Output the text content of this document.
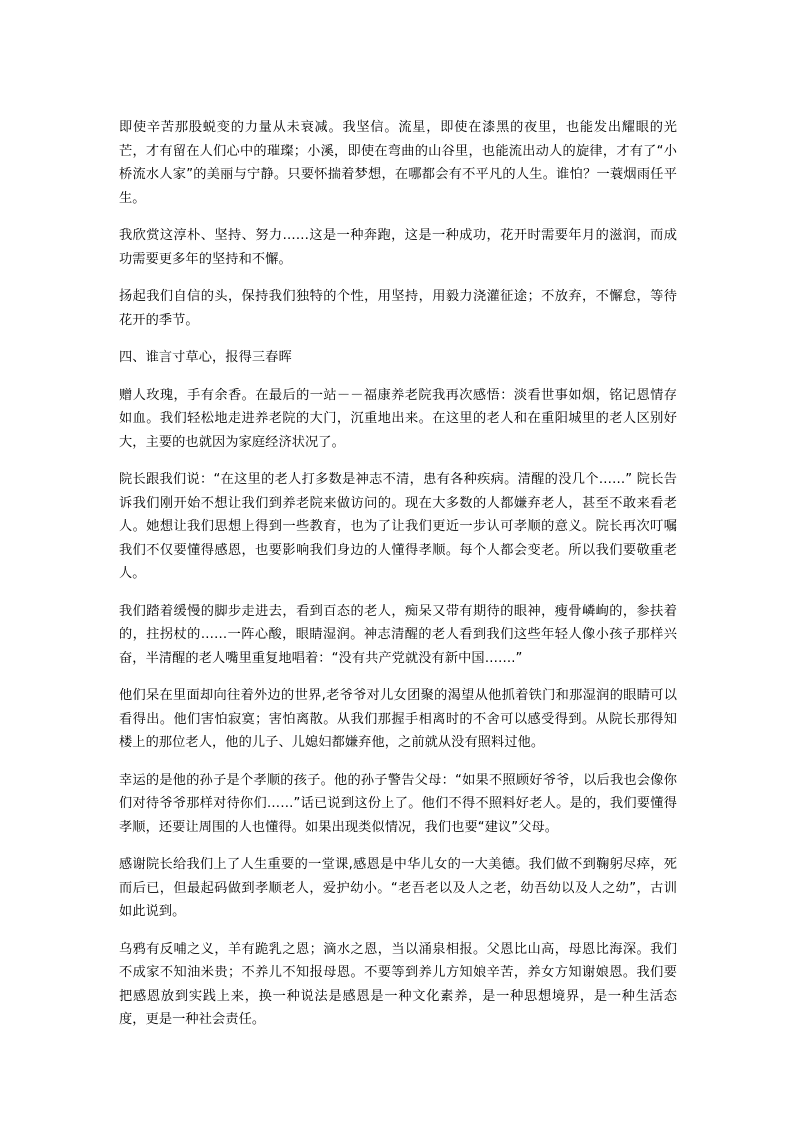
即使辛苦那股蜕变的力量从未衰减。我坚信。流星，即使在漆黑的夜里，也能发出耀眼的光芒，才有留在人们心中的璀璨；小溪，即使在弯曲的山谷里，也能流出动人的旋律，才有了“小桥流水人家”的美丽与宁静。只要怀揣着梦想，在哪都会有不平凡的人生。谁怕？一蓑烟雨任平生。

我欣赏这淳朴、坚持、努力……这是一种奔跑，这是一种成功，花开时需要年月的滋润，而成功需要更多年的坚持和不懈。

扬起我们自信的头，保持我们独特的个性，用坚持，用毅力浇灌征途；不放弃，不懈怠，等待花开的季节。

四、谁言寸草心，报得三春晖

赠人玫瑰，手有余香。在最后的一站－－福康养老院我再次感悟：淡看世事如烟，铭记恩情存如血。我们轻松地走进养老院的大门，沉重地出来。在这里的老人和在重阳城里的老人区别好大，主要的也就因为家庭经济状况了。

院长跟我们说：“在这里的老人打多数是神志不清，患有各种疾病。清醒的没几个……” 院长告诉我们刚开始不想让我们到养老院来做访问的。现在大多数的人都嫌弃老人，甚至不敢来看老人。她想让我们思想上得到一些教育，也为了让我们更近一步认可孝顺的意义。院长再次叮嘱我们不仅要懂得感恩，也要影响我们身边的人懂得孝顺。每个人都会变老。所以我们要敬重老人。

我们踏着缓慢的脚步走进去，看到百态的老人，痴呆又带有期待的眼神，瘦骨嶙峋的，参扶着的，拄拐杖的……一阵心酸，眼睛湿润。神志清醒的老人看到我们这些年轻人像小孩子那样兴奋，半清醒的老人嘴里重复地唱着：“没有共产党就没有新中国…….”

他们呆在里面却向往着外边的世界,老爷爷对儿女团聚的渴望从他抓着铁门和那湿润的眼睛可以看得出。他们害怕寂寞；害怕离散。从我们那握手相离时的不舍可以感受得到。从院长那得知楼上的那位老人，他的儿子、儿媳妇都嫌弃他，之前就从没有照料过他。

幸运的是他的孙子是个孝顺的孩子。他的孙子警告父母：“如果不照顾好爷爷，以后我也会像你们对待爷爷那样对待你们……”话已说到这份上了。他们不得不照料好老人。是的，我们要懂得孝顺，还要让周围的人也懂得。如果出现类似情况，我们也要“建议”父母。

感谢院长给我们上了人生重要的一堂课,感恩是中华儿女的一大美德。我们做不到鞠躬尽瘁，死而后已，但最起码做到孝顺老人，爱护幼小。“老吾老以及人之老，幼吾幼以及人之幼”，古训如此说到。

乌鸦有反哺之义，羊有跪乳之恩；滴水之恩，当以涌泉相报。父恩比山高，母恩比海深。我们不成家不知油米贵；不养儿不知报母恩。不要等到养儿方知娘辛苦，养女方知谢娘恩。我们要把感恩放到实践上来，换一种说法是感恩是一种文化素养，是一种思想境界，是一种生活态度，更是一种社会责任。
